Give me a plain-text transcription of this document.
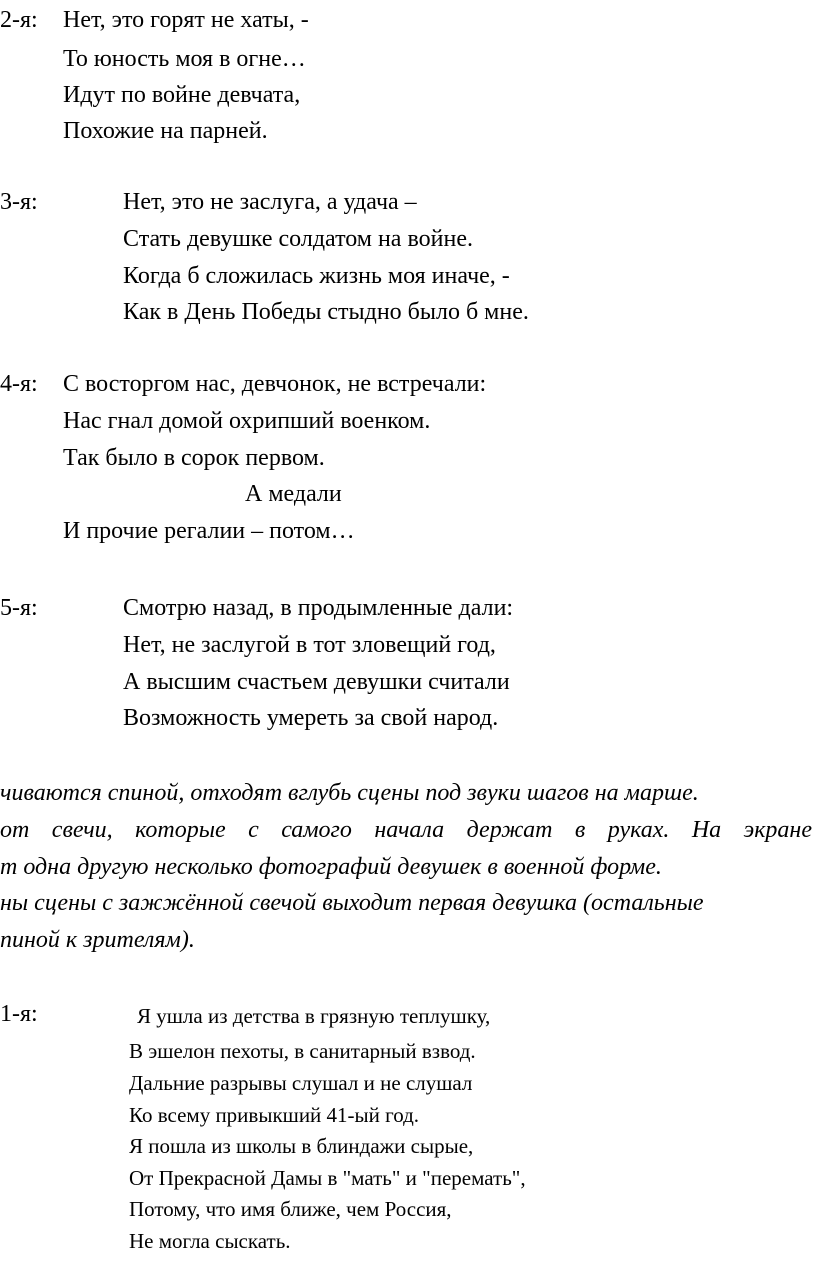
2-я: Нет, это горят не хаты, -
То юность моя в огне…
Идут по войне девчата,
Похожие на парней.
3-я:	Нет, это не заслуга, а удача –
Стать девушке солдатом на войне.
Когда б сложилась жизнь моя иначе, -
Как в День Победы стыдно было б мне.
4-я: С восторгом нас, девчонок, не встречали:
Нас гнал домой охрипший военком.
Так было в сорок первом.
А медали
И прочие регалии – потом…
5-я:	Смотрю назад, в продымленные дали:
Нет, не заслугой в тот зловещий год,
А высшим счастьем девушки считали
Возможность умереть за свой народ.
чиваются спиной, отходят вглубь сцены под звуки шагов на марше.
от свечи, которые с самого начала держат в руках. На экране
т одна другую несколько фотографий девушек в военной форме.
ны сцены с зажжённой свечой выходит первая девушка (остальные
пиной к зрителям).
1-я:	Я ушла из детства в грязную теплушку,
В эшелон пехоты, в санитарный взвод.
Дальние разрывы слушал и не слушал
Ко всему привыкший 41-ый год.
Я пошла из школы в блиндажи сырые,
От Прекрасной Дамы в "мать" и "перемать",
Потому, что имя ближе, чем Россия,
Не могла сыскать.
